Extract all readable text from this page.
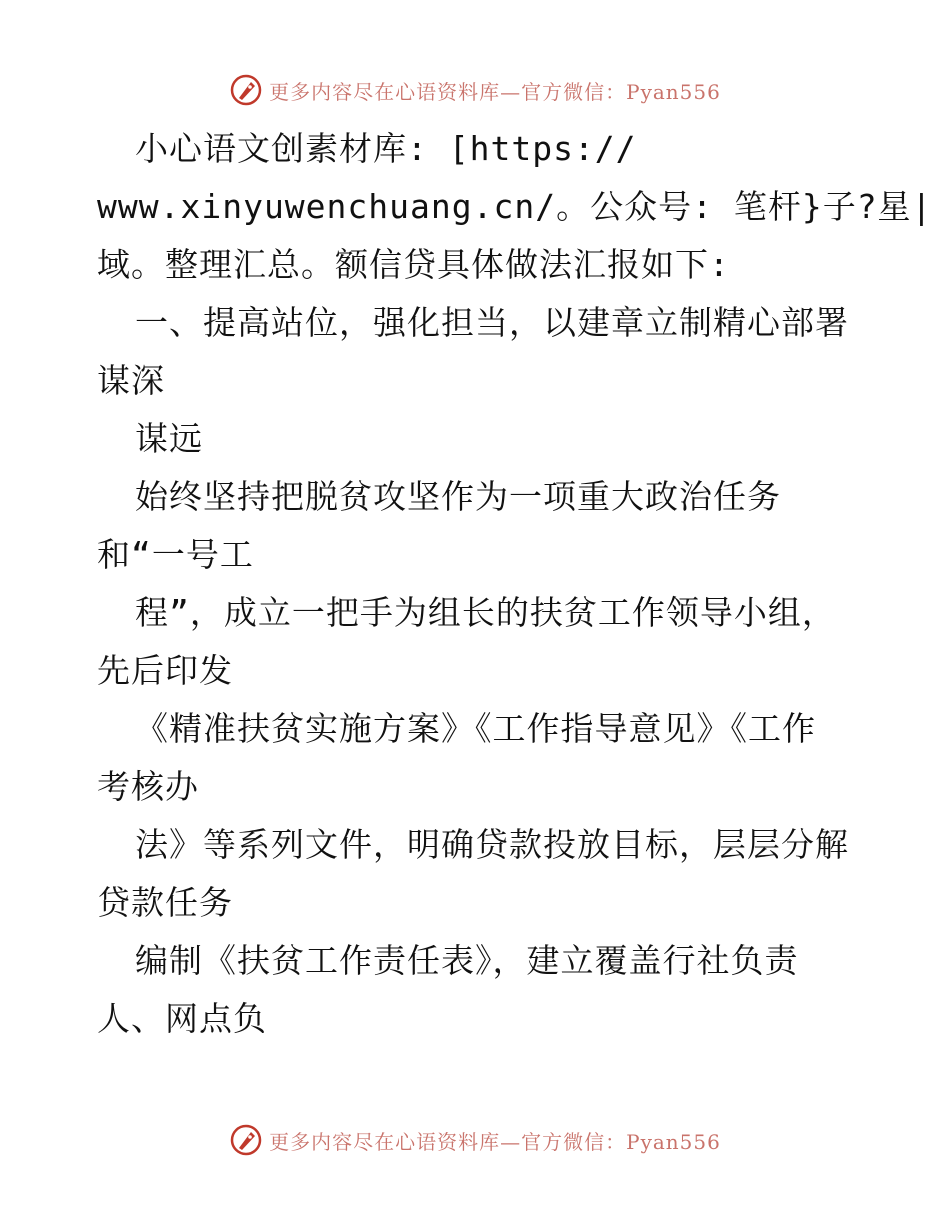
更多内容尽在心语资料库—官方微信：Pyan556
小心语文创素材库: [https://
www.xinyuwenchuang.cn/。公众号: 笔杆}子?星|
域。整理汇总。额信贷具体做法汇报如下:
一、提高站位，强化担当，以建章立制精心部署
谋深
谋远
始终坚持把脱贫攻坚作为一项重大政治任务
和“一号工
程”，成立一把手为组长的扶贫工作领导小组，
先后印发
《精准扶贫实施方案》《工作指导意见》《工作
考核办
法》等系列文件，明确贷款投放目标，层层分解
贷款任务
编制《扶贫工作责任表》，建立覆盖行社负责
人、网点负
更多内容尽在心语资料库—官方微信：Pyan556
